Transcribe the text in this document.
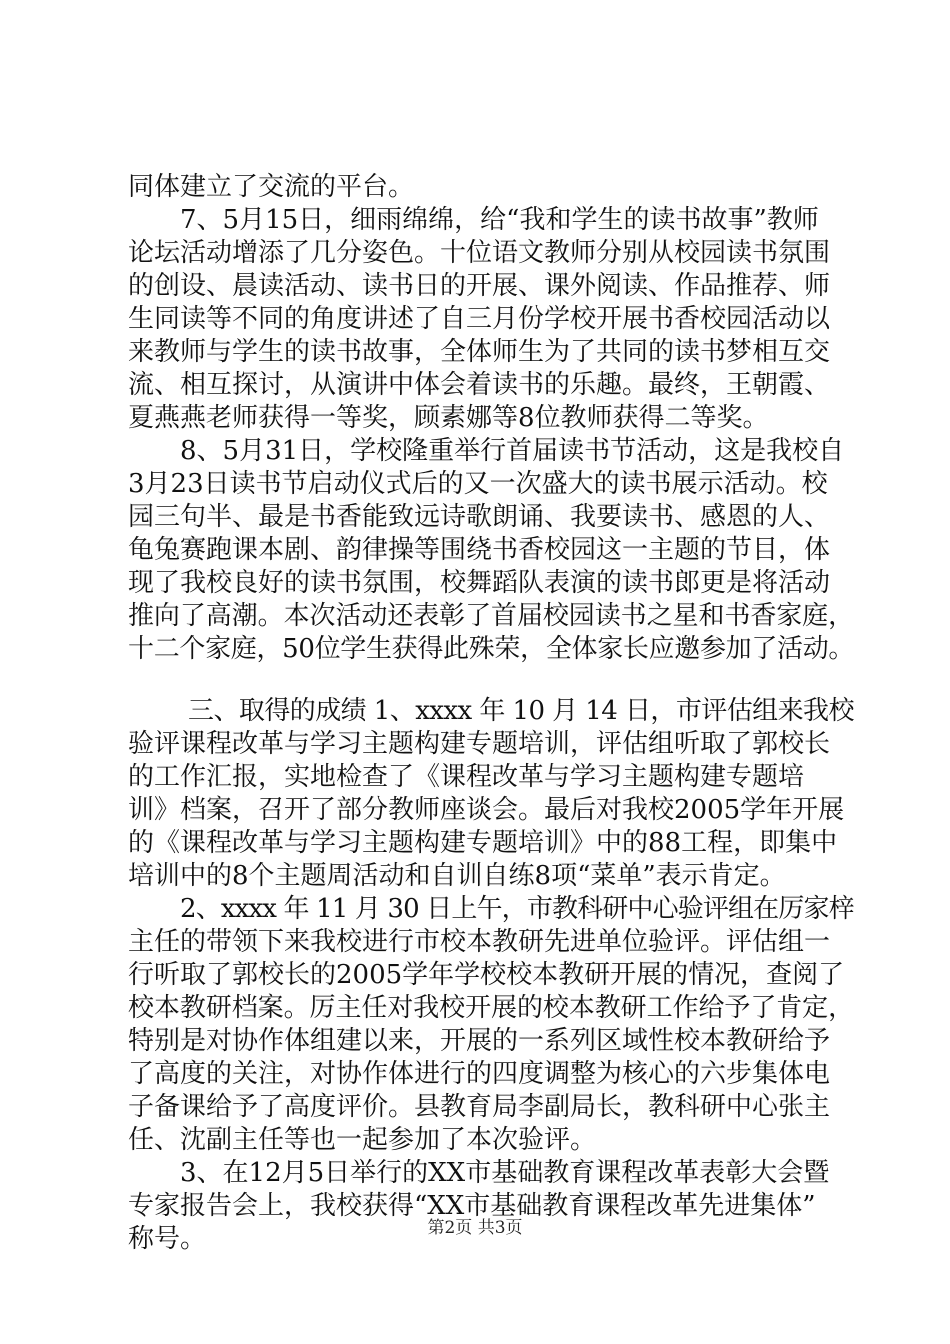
同体建立了交流的平台。
7、5月15日，细雨绵绵，给“我和学生的读书故事”教师
论坛活动增添了几分姿色。十位语文教师分别从校园读书氛围
的创设、晨读活动、读书日的开展、课外阅读、作品推荐、师
生同读等不同的角度讲述了自三月份学校开展书香校园活动以
来教师与学生的读书故事，全体师生为了共同的读书梦相互交
流、相互探讨，从演讲中体会着读书的乐趣。最终，王朝霞、
夏燕燕老师获得一等奖，顾素娜等8位教师获得二等奖。
8、5月31日，学校隆重举行首届读书节活动，这是我校自
3月23日读书节启动仪式后的又一次盛大的读书展示活动。校
园三句半、最是书香能致远诗歌朗诵、我要读书、感恩的人、
龟兔赛跑课本剧、韵律操等围绕书香校园这一主题的节目，体
现了我校良好的读书氛围，校舞蹈队表演的读书郎更是将活动
推向了高潮。本次活动还表彰了首届校园读书之星和书香家庭，
十二个家庭，50位学生获得此殊荣，全体家长应邀参加了活动。
三、取得的成绩 1、xxxx 年 10 月 14 日，市评估组来我校
验评课程改革与学习主题构建专题培训，评估组听取了郭校长
的工作汇报，实地检查了《课程改革与学习主题构建专题培
训》档案，召开了部分教师座谈会。最后对我校2005学年开展
的《课程改革与学习主题构建专题培训》中的88工程，即集中
培训中的8个主题周活动和自训自练8项“菜单”表示肯定。
2、xxxx 年 11 月 30 日上午，市教科研中心验评组在厉家梓
主任的带领下来我校进行市校本教研先进单位验评。评估组一
行听取了郭校长的2005学年学校校本教研开展的情况，查阅了
校本教研档案。厉主任对我校开展的校本教研工作给予了肯定，
特别是对协作体组建以来，开展的一系列区域性校本教研给予
了高度的关注，对协作体进行的四度调整为核心的六步集体电
子备课给予了高度评价。县教育局李副局长，教科研中心张主
任、沈副主任等也一起参加了本次验评。
3、在12月5日举行的XX市基础教育课程改革表彰大会暨
专家报告会上，我校获得“XX市基础教育课程改革先进集体”
称号。	第2页 共3页
